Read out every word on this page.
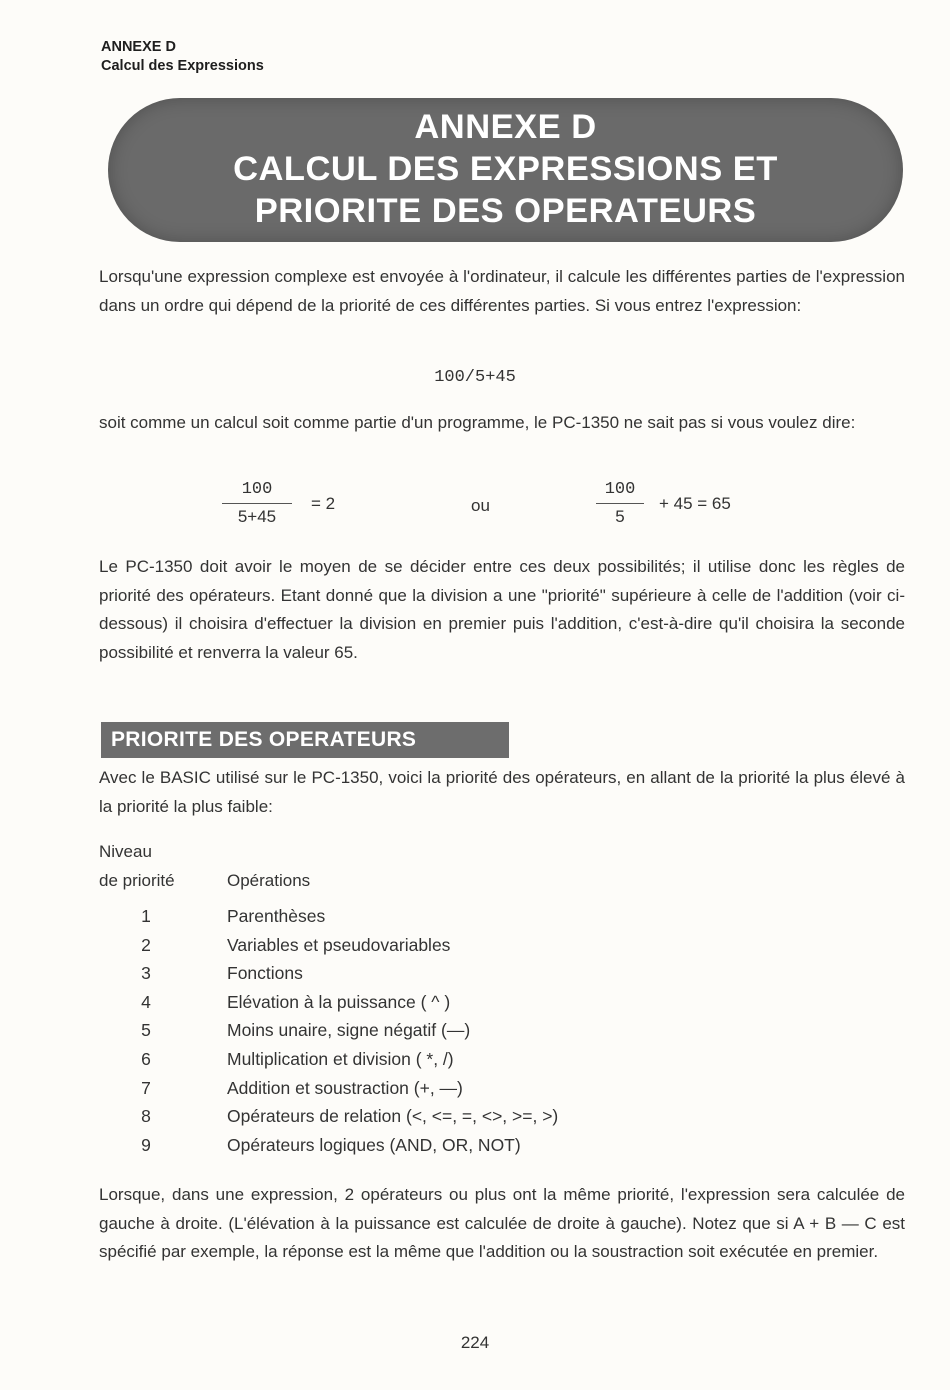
ANNEXE D
Calcul des Expressions
ANNEXE D
CALCUL DES EXPRESSIONS ET
PRIORITE DES OPERATEURS
Lorsqu'une expression complexe est envoyée à l'ordinateur, il calcule les différentes parties de l'expression dans un ordre qui dépend de la priorité de ces différentes parties. Si vous entrez l'expression:
100/5+45
soit comme un calcul soit comme partie d'un programme, le PC-1350 ne sait pas si vous voulez dire:
100
5+45
= 2	ou
100
5
+ 45 = 65
Le PC-1350 doit avoir le moyen de se décider entre ces deux possibilités; il utilise donc les règles de priorité des opérateurs. Etant donné que la division a une "priorité" supérieure à celle de l'addition (voir ci-dessous) il choisira d'effectuer la division en premier puis l'addition, c'est-à-dire qu'il choisira la seconde possibilité et renverra la valeur 65.
PRIORITE DES OPERATEURS
Avec le BASIC utilisé sur le PC-1350, voici la priorité des opérateurs, en allant de la priorité la plus élevé à la priorité la plus faible:
Niveau
de priorité	Opérations
1	Parenthèses
2	Variables et pseudovariables
3	Fonctions
4	Elévation à la puissance ( ^ )
5	Moins unaire, signe négatif (—)
6	Multiplication et division ( *, /)
7	Addition et soustraction (+, —)
8	Opérateurs de relation (<, <=, =, <>, >=, >)
9	Opérateurs logiques (AND, OR, NOT)
Lorsque, dans une expression, 2 opérateurs ou plus ont la même priorité, l'expression sera calculée de gauche à droite. (L'élévation à la puissance est calculée de droite à gauche). Notez que si A + B — C est spécifié par exemple, la réponse est la même que l'addition ou la soustraction soit exécutée en premier.
224
